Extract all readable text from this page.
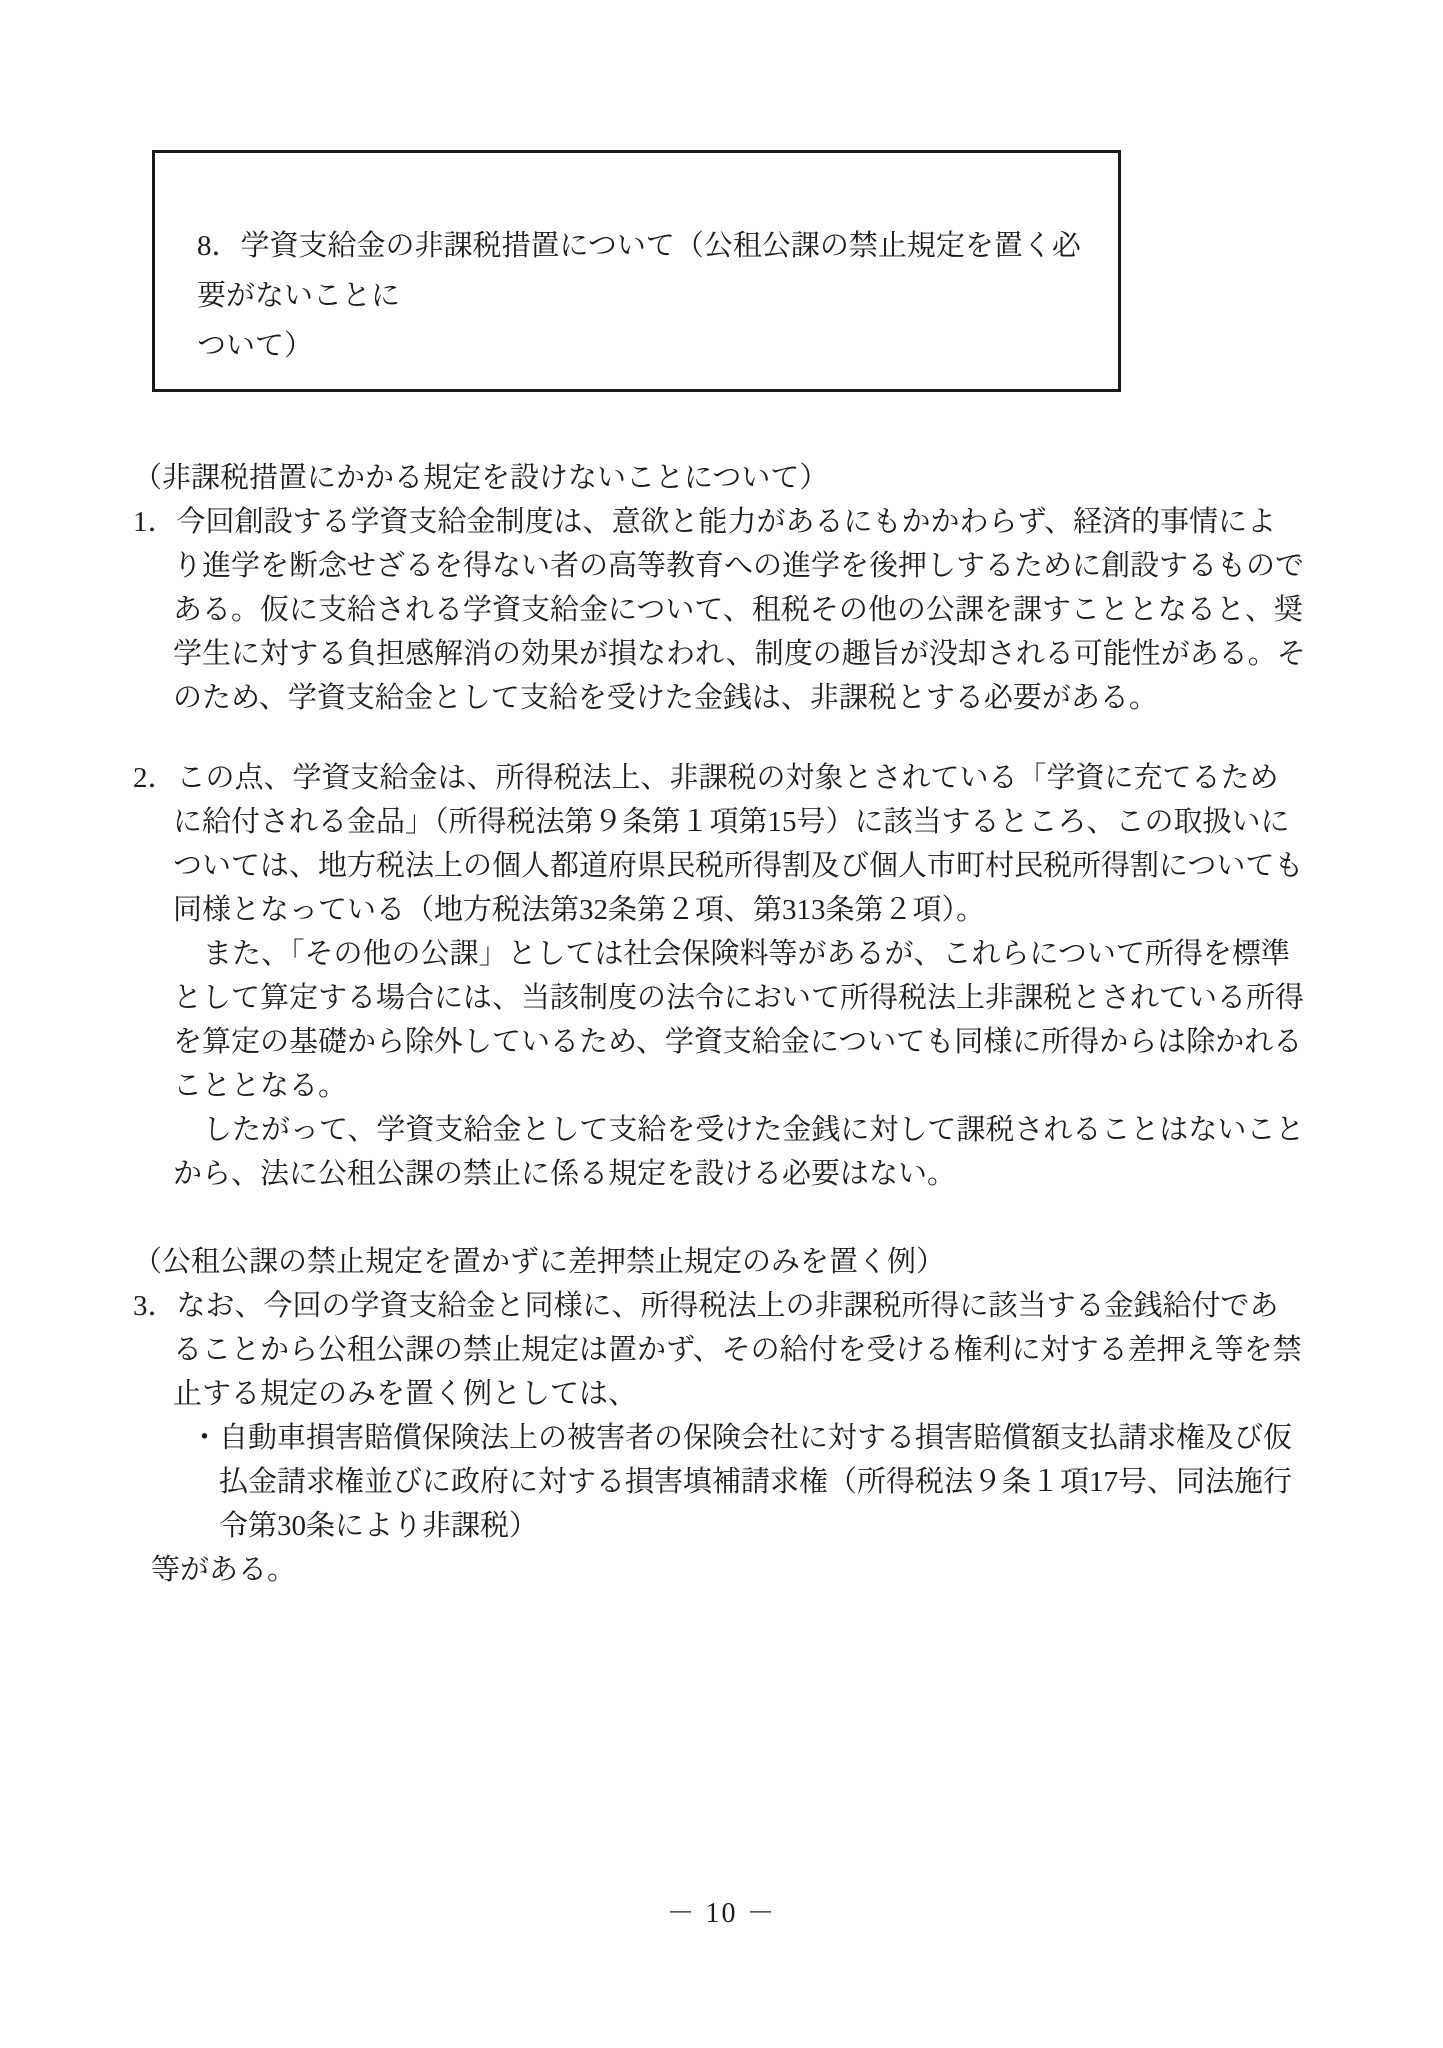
8．学資支給金の非課税措置について（公租公課の禁止規定を置く必要がないことに
ついて）

（非課税措置にかかる規定を設けないことについて）

1．今回創設する学資支給金制度は、意欲と能力があるにもかかわらず、経済的事情によ
り進学を断念せざるを得ない者の高等教育への進学を後押しするために創設するもので
ある。仮に支給される学資支給金について、租税その他の公課を課すこととなると、奨
学生に対する負担感解消の効果が損なわれ、制度の趣旨が没却される可能性がある。そ
のため、学資支給金として支給を受けた金銭は、非課税とする必要がある。

2．この点、学資支給金は、所得税法上、非課税の対象とされている「学資に充てるため
に給付される金品」（所得税法第９条第１項第15号）に該当するところ、この取扱いに
ついては、地方税法上の個人都道府県民税所得割及び個人市町村民税所得割についても
同様となっている（地方税法第32条第２項、第313条第２項）。

また、「その他の公課」としては社会保険料等があるが、これらについて所得を標準
として算定する場合には、当該制度の法令において所得税法上非課税とされている所得
を算定の基礎から除外しているため、学資支給金についても同様に所得からは除かれる
こととなる。

したがって、学資支給金として支給を受けた金銭に対して課税されることはないこと
から、法に公租公課の禁止に係る規定を設ける必要はない。

（公租公課の禁止規定を置かずに差押禁止規定のみを置く例）

3．なお、今回の学資支給金と同様に、所得税法上の非課税所得に該当する金銭給付であ
ることから公租公課の禁止規定は置かず、その給付を受ける権利に対する差押え等を禁
止する規定のみを置く例としては、

・自動車損害賠償保険法上の被害者の保険会社に対する損害賠償額支払請求権及び仮
払金請求権並びに政府に対する損害填補請求権（所得税法９条１項17号、同法施行
令第30条により非課税）

等がある。

－ 10 －
